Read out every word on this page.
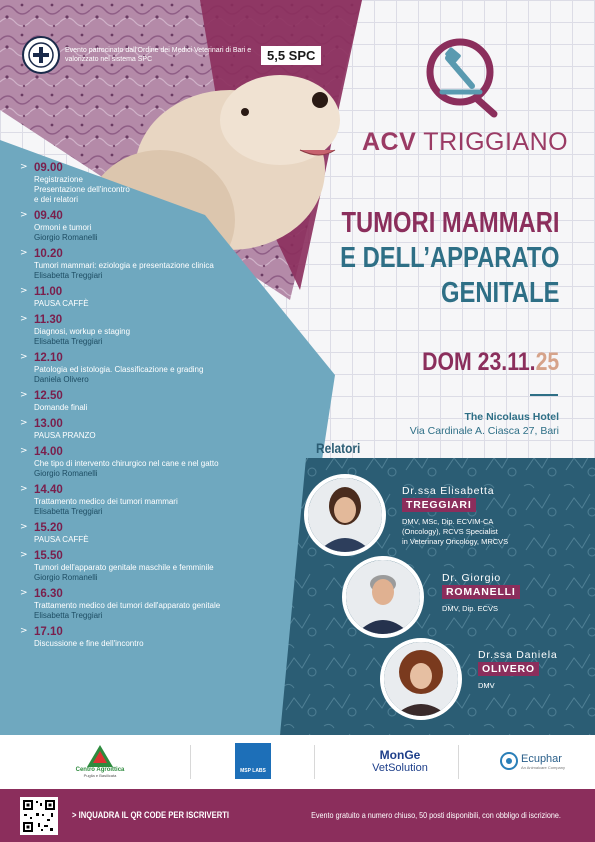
Evento patrocinato dall'Ordine dei Medici Veterinari di Bari e valorizzato nel sistema SPC	5,5 SPC
ACV TRIGGIANO
TUMORI MAMMARI
E DELL’APPARATO
GENITALE
DOM 23.11.25
The Nicolaus Hotel
Via Cardinale A. Ciasca 27, Bari
> 09.00
Registrazione
Presentazione dell'incontro
e dei relatori
> 09.40
Ormoni e tumori
Giorgio Romanelli
> 10.20
Tumori mammari: eziologia e presentazione clinica
Elisabetta Treggiari
> 11.00
PAUSA CAFFÈ
> 11.30
Diagnosi, workup e staging
Elisabetta Treggiari
> 12.10
Patologia ed istologia. Classificazione e grading
Daniela Olivero
> 12.50
Domande finali
> 13.00
PAUSA PRANZO
> 14.00
Che tipo di intervento chirurgico nel cane e nel gatto
Giorgio Romanelli
> 14.40
Trattamento medico dei tumori mammari
Elisabetta Treggiari
> 15.20
PAUSA CAFFÈ
> 15.50
Tumori dell'apparato genitale maschile e femminile
Giorgio Romanelli
> 16.30
Trattamento medico dei tumori dell'apparato genitale
Elisabetta Treggiari
> 17.10
Discussione e fine dell'incontro
Relatori
Dr.ssa Elisabetta
TREGGIARI
DMV, MSc, Dip. ECVIM-CA
(Oncology), RCVS Specialist
in Veterinary Oncology, MRCVS
Dr. Giorgio
ROMANELLI
DMV, Dip. ECVS
Dr.ssa Daniela
OLIVERO
DMV
Centro Agroittica
Puglia e Basilicata
MSP LABS
MonGe
VetSolution
Ecuphar
An Animalcare Company
> INQUADRA IL QR CODE PER ISCRIVERTI	Evento gratuito a numero chiuso, 50 posti disponibili, con obbligo di iscrizione.
